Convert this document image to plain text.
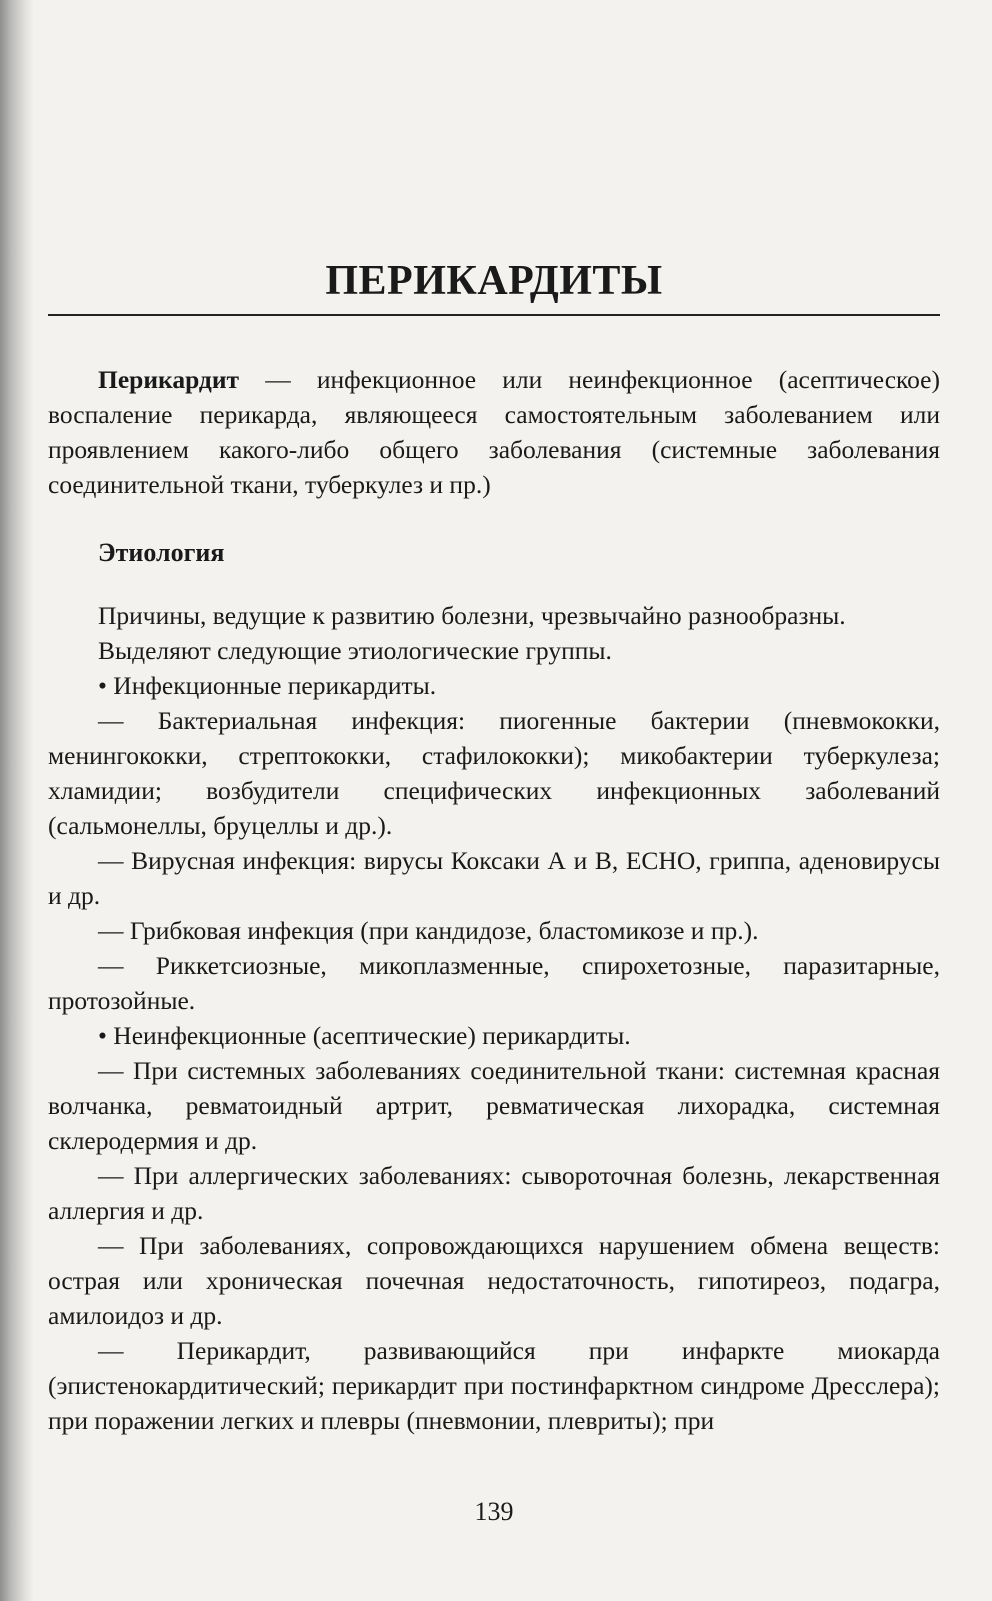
ПЕРИКАРДИТЫ

Перикардит — инфекционное или неинфекционное (асептическое) воспаление перикарда, являющееся самостоятельным заболеванием или проявлением какого-либо общего заболевания (системные заболевания соединительной ткани, туберкулез и пр.)

Этиология

Причины, ведущие к развитию болезни, чрезвычайно разнообразны.

Выделяют следующие этиологические группы.

• Инфекционные перикардиты.

— Бактериальная инфекция: пиогенные бактерии (пневмококки, менингококки, стрептококки, стафилококки); микобактерии туберкулеза; хламидии; возбудители специфических инфекционных заболеваний (сальмонеллы, бруцеллы и др.).

— Вирусная инфекция: вирусы Коксаки А и В, ECHO, гриппа, аденовирусы и др.

— Грибковая инфекция (при кандидозе, бластомикозе и пр.).

— Риккетсиозные, микоплазменные, спирохетозные, паразитарные, протозойные.

• Неинфекционные (асептические) перикардиты.

— При системных заболеваниях соединительной ткани: системная красная волчанка, ревматоидный артрит, ревматическая лихорадка, системная склеродермия и др.

— При аллергических заболеваниях: сывороточная болезнь, лекарственная аллергия и др.

— При заболеваниях, сопровождающихся нарушением обмена веществ: острая или хроническая почечная недостаточность, гипотиреоз, подагра, амилоидоз и др.

— Перикардит, развивающийся при инфаркте миокарда (эпистенокардитический; перикардит при постинфарктном синдроме Дресслера); при поражении легких и плевры (пневмонии, плевриты); при

139
